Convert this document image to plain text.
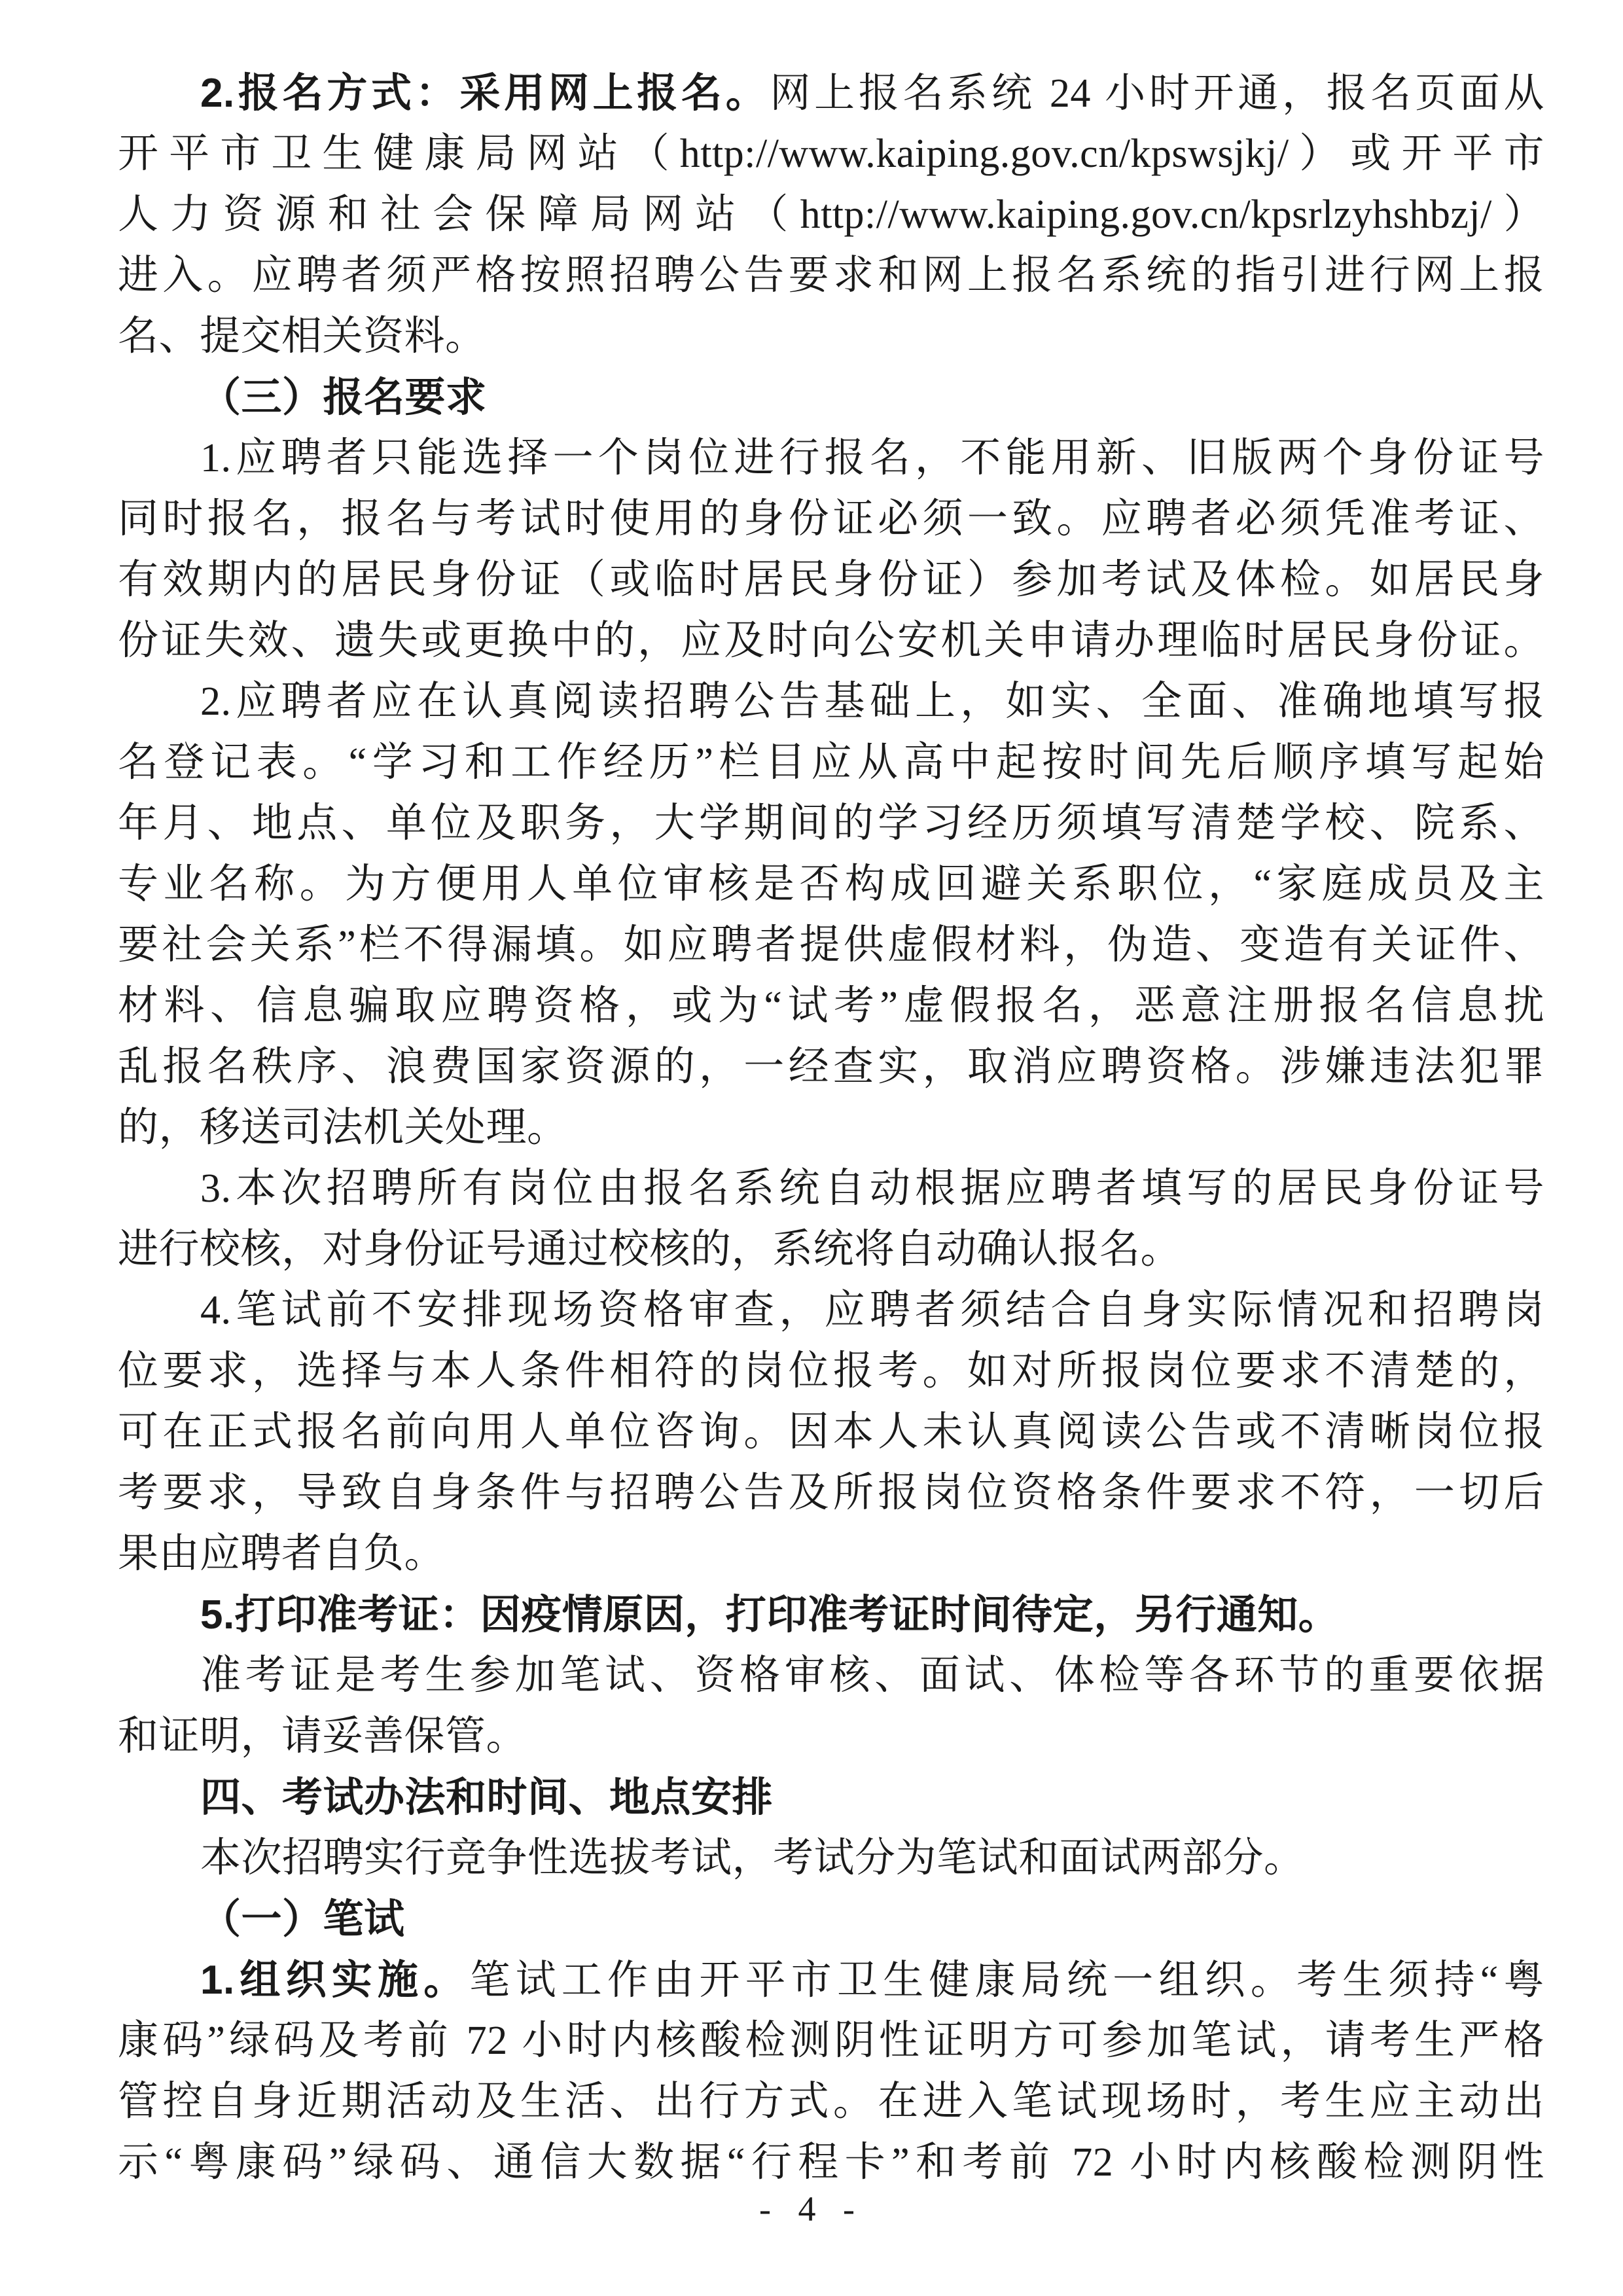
2.报名方式：采用网上报名。网上报名系统 24 小时开通，报名页面从
开平市卫生健康局网站（http://www.kaiping.gov.cn/kpswsjkj/）或开平市
人力资源和社会保障局网站（http://www.kaiping.gov.cn/kpsrlzyhshbzj/）
进入。应聘者须严格按照招聘公告要求和网上报名系统的指引进行网上报
名、提交相关资料。
（三）报名要求
1.应聘者只能选择一个岗位进行报名，不能用新、旧版两个身份证号
同时报名，报名与考试时使用的身份证必须一致。应聘者必须凭准考证、
有效期内的居民身份证（或临时居民身份证）参加考试及体检。如居民身
份证失效、遗失或更换中的，应及时向公安机关申请办理临时居民身份证。
2.应聘者应在认真阅读招聘公告基础上，如实、全面、准确地填写报
名登记表。“学习和工作经历”栏目应从高中起按时间先后顺序填写起始
年月、地点、单位及职务，大学期间的学习经历须填写清楚学校、院系、
专业名称。为方便用人单位审核是否构成回避关系职位，“家庭成员及主
要社会关系”栏不得漏填。如应聘者提供虚假材料，伪造、变造有关证件、
材料、信息骗取应聘资格，或为“试考”虚假报名，恶意注册报名信息扰
乱报名秩序、浪费国家资源的，一经查实，取消应聘资格。涉嫌违法犯罪
的，移送司法机关处理。
3.本次招聘所有岗位由报名系统自动根据应聘者填写的居民身份证号
进行校核，对身份证号通过校核的，系统将自动确认报名。
4.笔试前不安排现场资格审查，应聘者须结合自身实际情况和招聘岗
位要求，选择与本人条件相符的岗位报考。如对所报岗位要求不清楚的，
可在正式报名前向用人单位咨询。因本人未认真阅读公告或不清晰岗位报
考要求，导致自身条件与招聘公告及所报岗位资格条件要求不符，一切后
果由应聘者自负。
5.打印准考证：因疫情原因，打印准考证时间待定，另行通知。
准考证是考生参加笔试、资格审核、面试、体检等各环节的重要依据
和证明，请妥善保管。
四、考试办法和时间、地点安排
本次招聘实行竞争性选拔考试，考试分为笔试和面试两部分。
（一）笔试
1.组织实施。笔试工作由开平市卫生健康局统一组织。考生须持“粤
康码”绿码及考前 72 小时内核酸检测阴性证明方可参加笔试，请考生严格
管控自身近期活动及生活、出行方式。在进入笔试现场时，考生应主动出
示“粤康码”绿码、通信大数据“行程卡”和考前 72 小时内核酸检测阴性
- 4 -
